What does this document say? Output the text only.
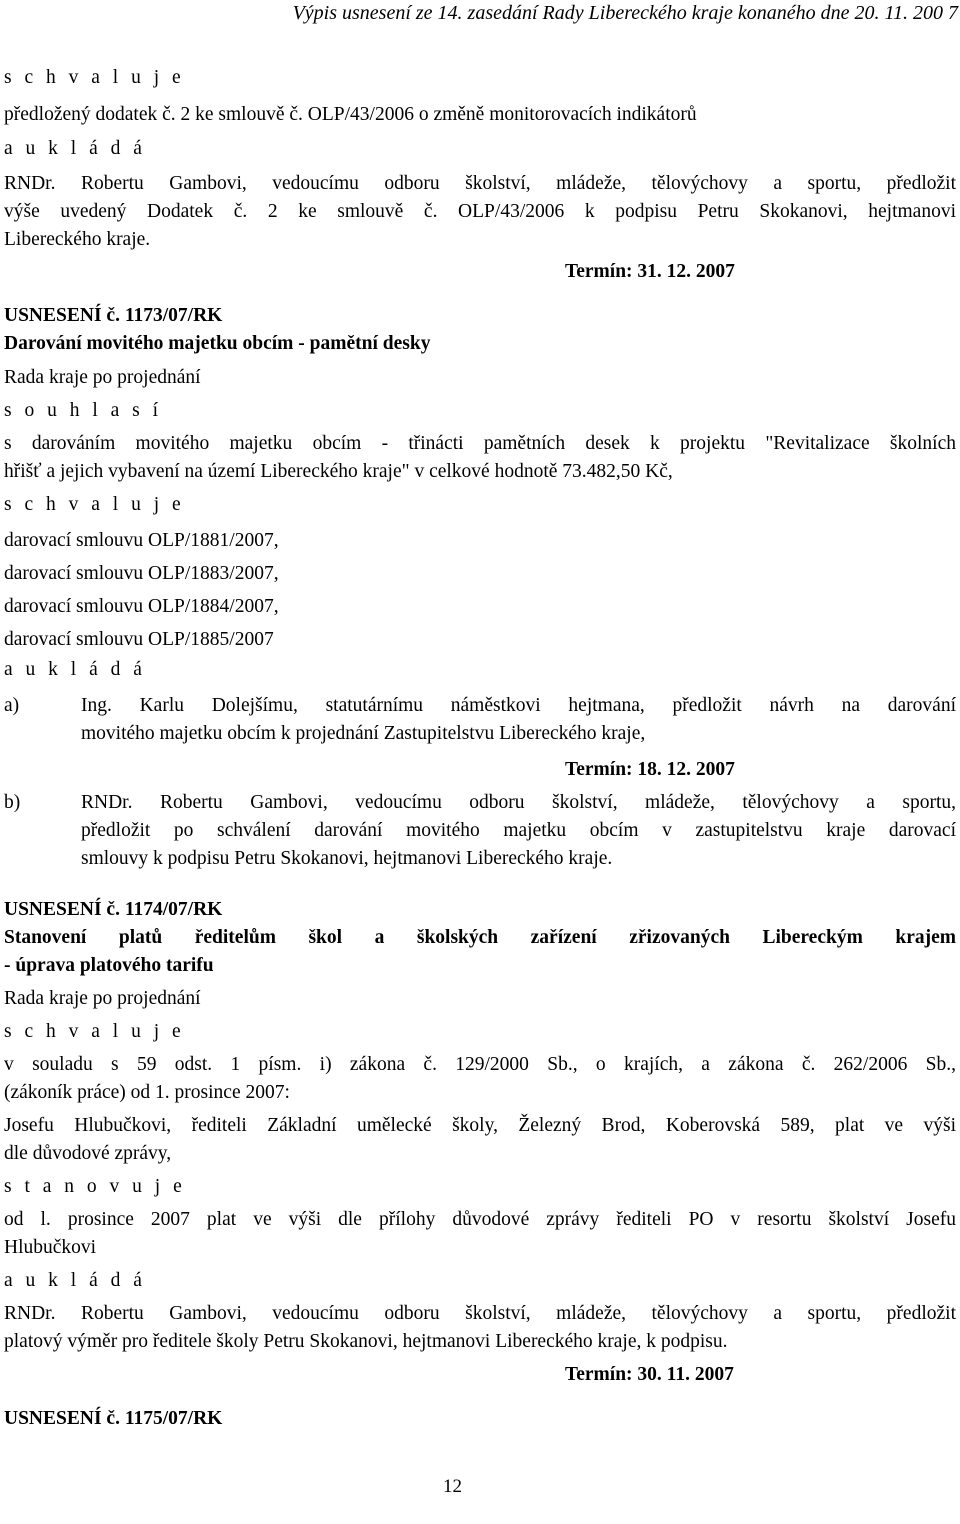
Výpis usnesení ze 14. zasedání Rady Libereckého kraje konaného dne 20. 11. 200 7
s c h v a l u j e
předložený dodatek č. 2 ke smlouvě č. OLP/43/2006 o změně monitorovacích indikátorů
a u k l á d á
RNDr. Robertu Gambovi, vedoucímu odboru školství, mládeže, tělovýchovy a sportu, předložit
výše uvedený Dodatek č. 2 ke smlouvě č. OLP/43/2006 k podpisu Petru Skokanovi, hejtmanovi
Libereckého kraje.
Termín: 31. 12. 2007
USNESENÍ č. 1173/07/RK
Darování movitého majetku obcím - pamětní desky
Rada kraje po projednání
s o u h l a s í
s darováním movitého majetku obcím - třinácti pamětních desek k projektu "Revitalizace školních
hřišť a jejich vybavení na území Libereckého kraje" v celkové hodnotě 73.482,50 Kč,
s c h v a l u j e
darovací smlouvu OLP/1881/2007,
darovací smlouvu OLP/1883/2007,
darovací smlouvu OLP/1884/2007,
darovací smlouvu OLP/1885/2007
a u k l á d á
a)	Ing. Karlu Dolejšímu, statutárnímu náměstkovi hejtmana, předložit návrh na darování
movitého majetku obcím k projednání Zastupitelstvu Libereckého kraje,
Termín: 18. 12. 2007
b)	RNDr. Robertu Gambovi, vedoucímu odboru školství, mládeže, tělovýchovy a sportu,
předložit po schválení darování movitého majetku obcím v zastupitelstvu kraje darovací
smlouvy k podpisu Petru Skokanovi, hejtmanovi Libereckého kraje.
USNESENÍ č. 1174/07/RK
Stanovení platů ředitelům škol a školských zařízení zřizovaných Libereckým krajem
- úprava platového tarifu
Rada kraje po projednání
s c h v a l u j e
v souladu s 59 odst. 1 písm. i) zákona č. 129/2000 Sb., o krajích, a zákona č. 262/2006 Sb.,
(zákoník práce) od 1. prosince 2007:
Josefu Hlubučkovi, řediteli Základní umělecké školy, Železný Brod, Koberovská 589, plat ve výši
dle důvodové zprávy,
s t a n o v u j e
od l. prosince 2007 plat ve výši dle přílohy důvodové zprávy řediteli PO v resortu školství Josefu
Hlubučkovi
a u k l á d á
RNDr. Robertu Gambovi, vedoucímu odboru školství, mládeže, tělovýchovy a sportu, předložit
platový výměr pro ředitele školy Petru Skokanovi, hejtmanovi Libereckého kraje, k podpisu.
Termín: 30. 11. 2007
USNESENÍ č. 1175/07/RK
12
